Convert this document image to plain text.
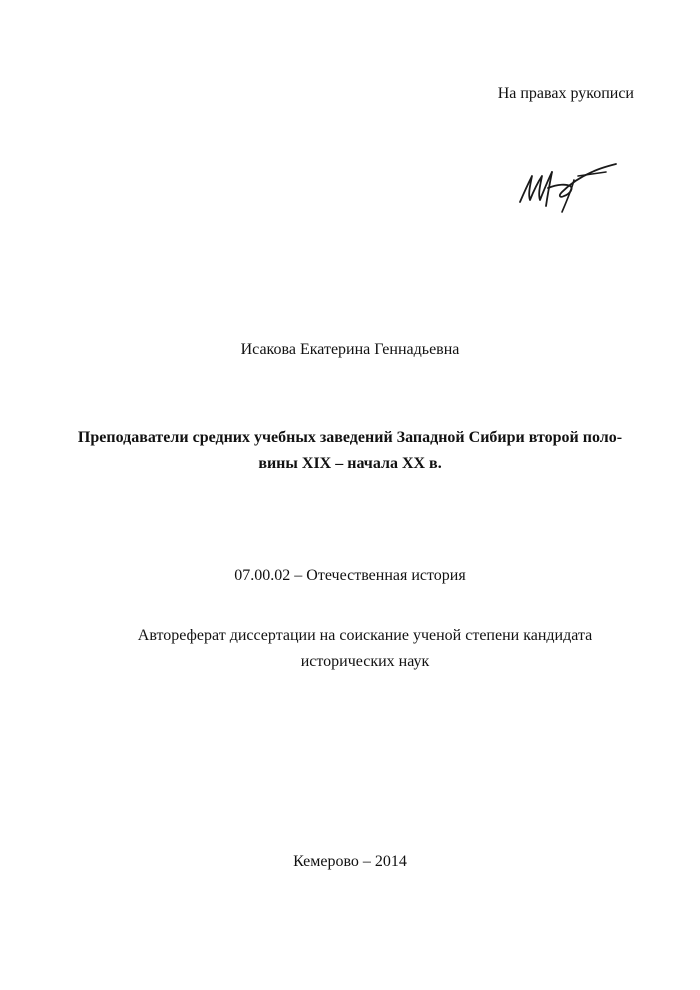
На правах рукописи
Исакова Екатерина Геннадьевна
Преподаватели средних учебных заведений Западной Сибири второй поло-
вины XIX – начала XX в.
07.00.02 – Отечественная история
Автореферат диссертации на соискание ученой степени кандидата
исторических наук
Кемерово – 2014
